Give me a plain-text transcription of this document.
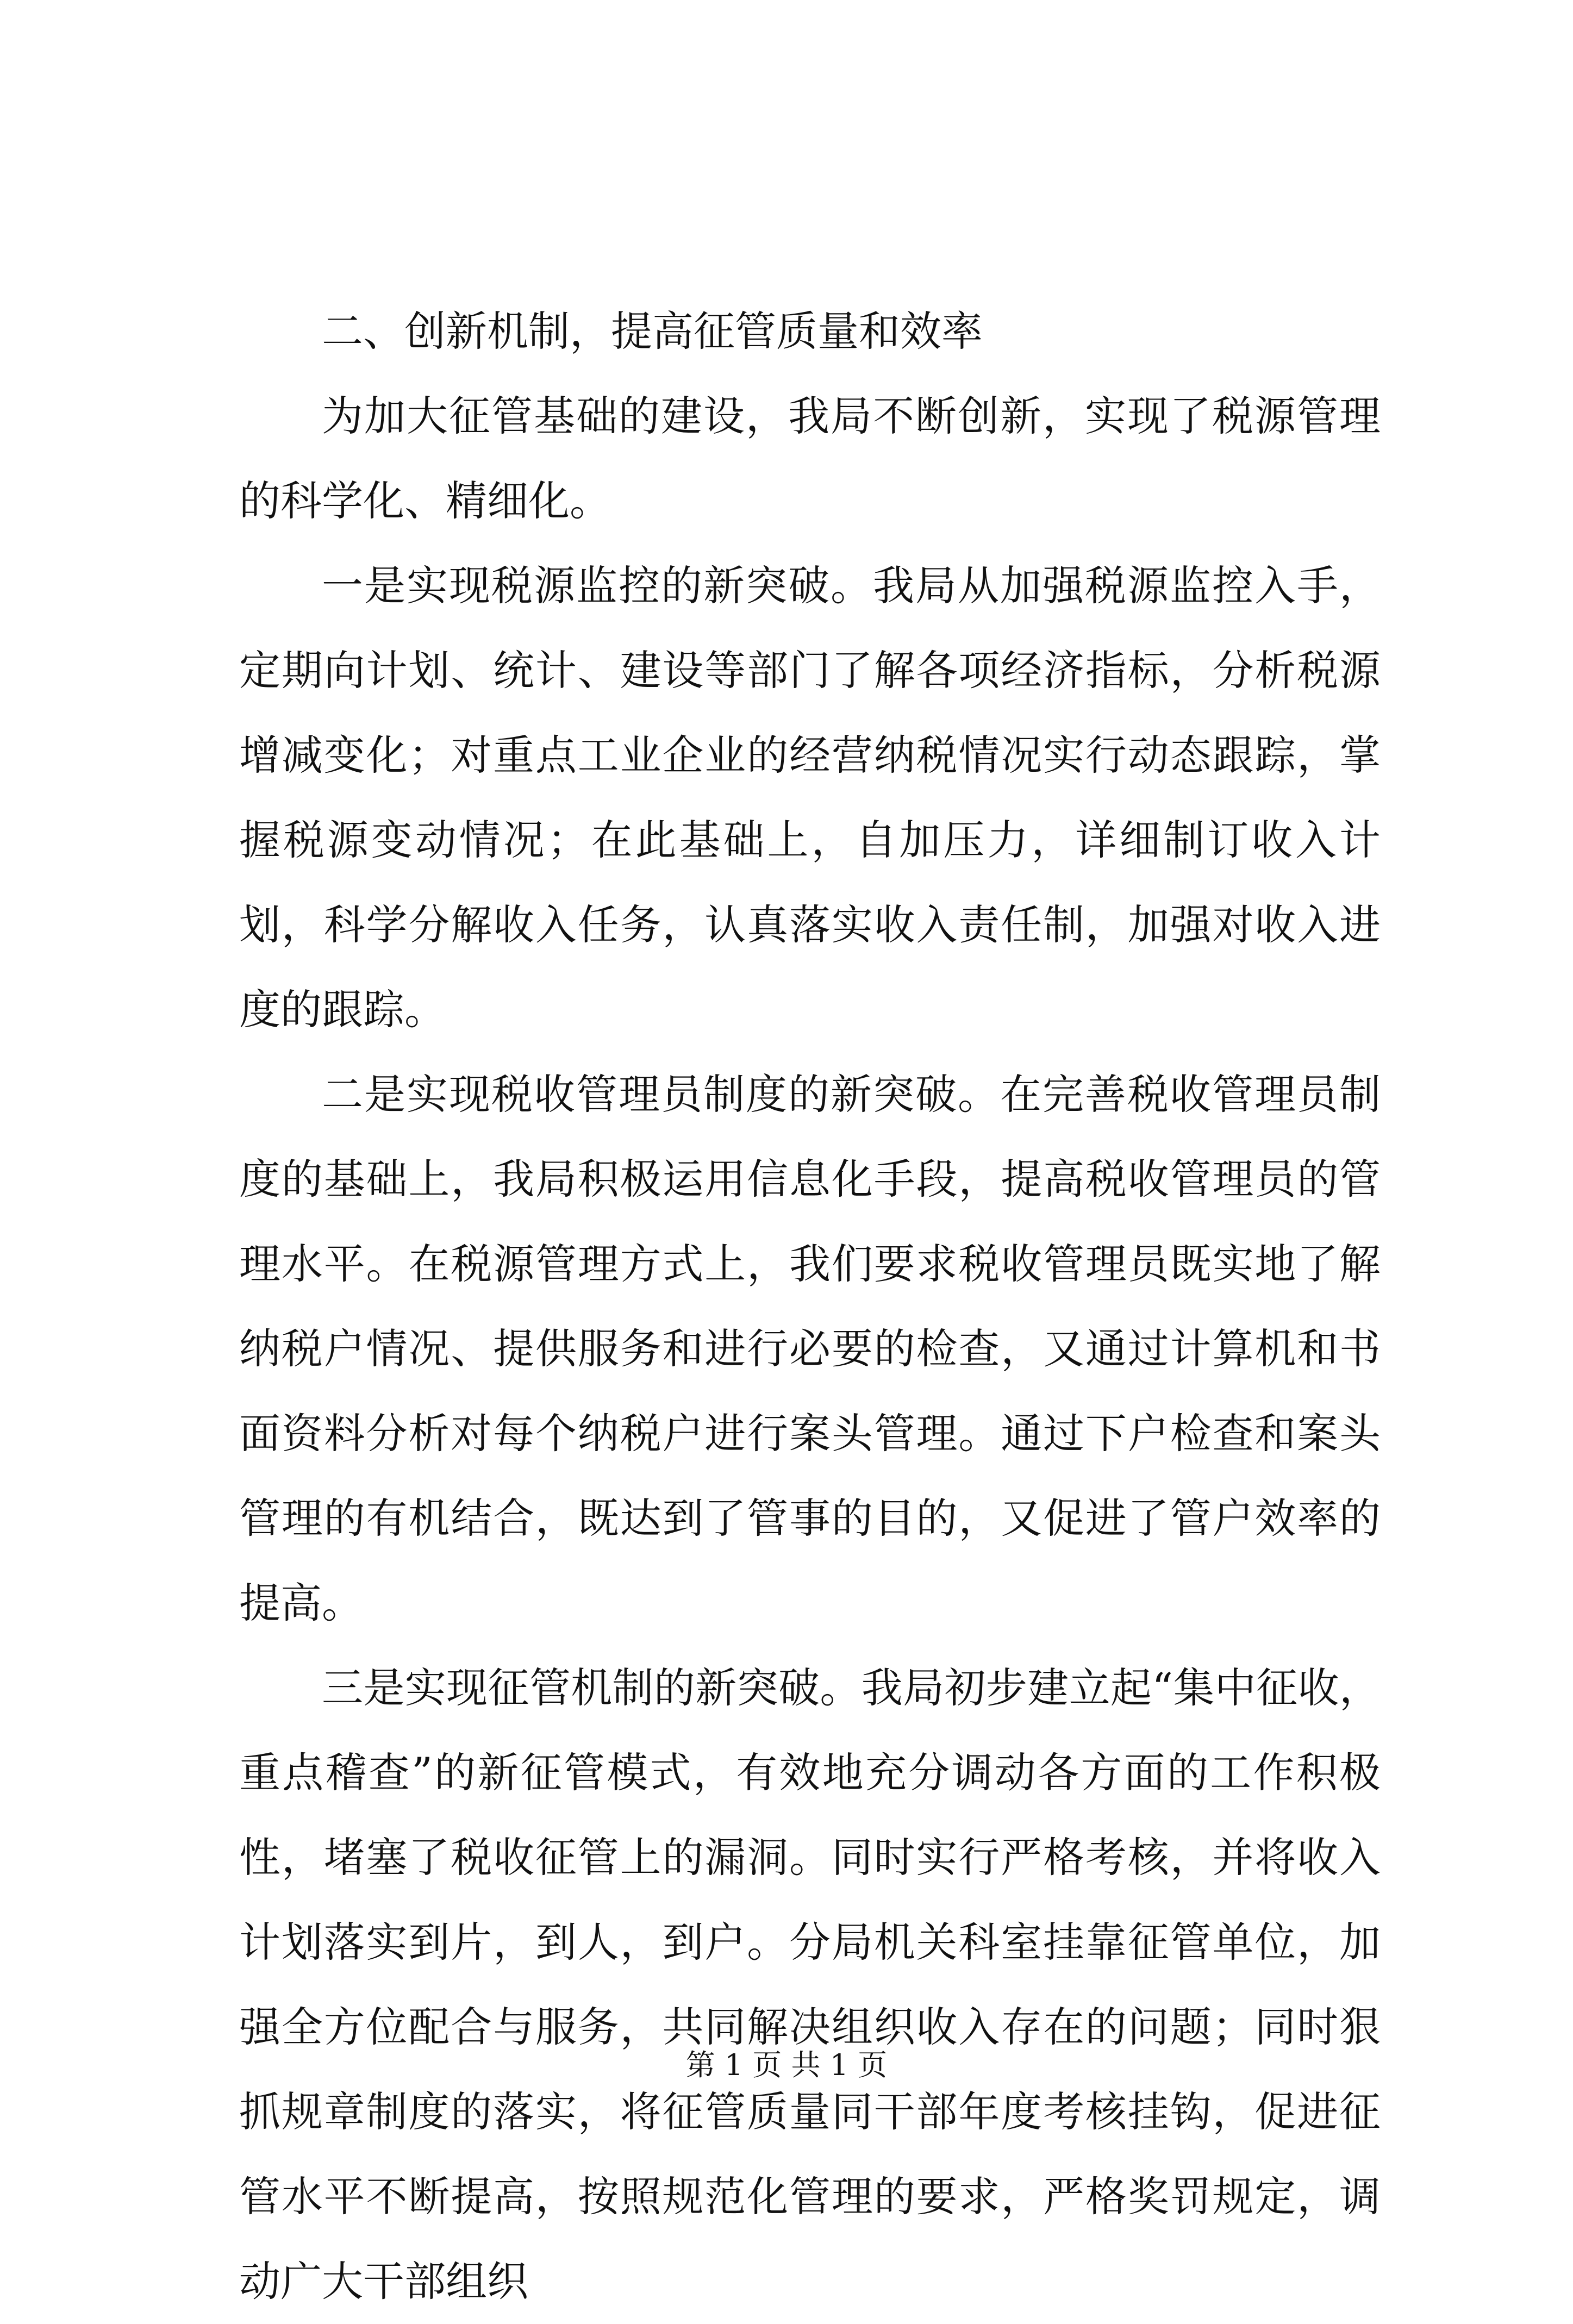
二、创新机制，提高征管质量和效率

为加大征管基础的建设，我局不断创新，实现了税源管理的科学化、精细化。

一是实现税源监控的新突破。我局从加强税源监控入手，定期向计划、统计、建设等部门了解各项经济指标，分析税源增减变化；对重点工业企业的经营纳税情况实行动态跟踪，掌握税源变动情况；在此基础上，自加压力，详细制订收入计划，科学分解收入任务，认真落实收入责任制，加强对收入进度的跟踪。

二是实现税收管理员制度的新突破。在完善税收管理员制度的基础上，我局积极运用信息化手段，提高税收管理员的管理水平。在税源管理方式上，我们要求税收管理员既实地了解纳税户情况、提供服务和进行必要的检查，又通过计算机和书面资料分析对每个纳税户进行案头管理。通过下户检查和案头管理的有机结合，既达到了管事的目的，又促进了管户效率的提高。

三是实现征管机制的新突破。我局初步建立起“集中征收，重点稽查”的新征管模式，有效地充分调动各方面的工作积极性，堵塞了税收征管上的漏洞。同时实行严格考核，并将收入计划落实到片，到人，到户。分局机关科室挂靠征管单位，加强全方位配合与服务，共同解决组织收入存在的问题；同时狠抓规章制度的落实，将征管质量同干部年度考核挂钩，促进征管水平不断提高，按照规范化管理的要求，严格奖罚规定，调动广大干部组织

第 1 页 共 1 页
